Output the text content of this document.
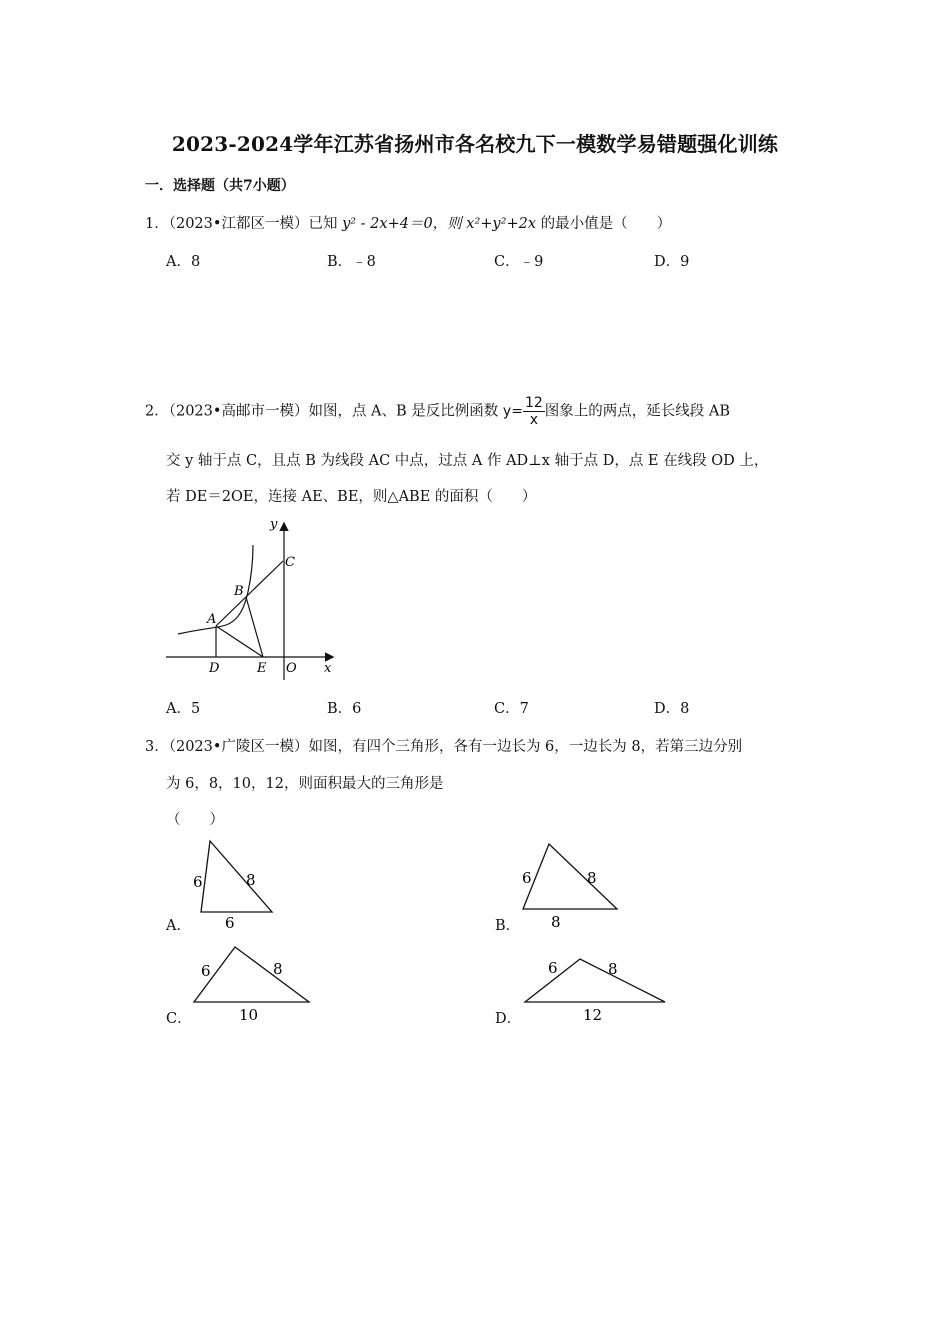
2023-2024学年江苏省扬州市各名校九下一模数学易错题强化训练
一．选择题（共7小题）
1．（2023•江都区一模）已知 y² - 2x+4＝0，则 x²+y²+2x 的最小值是（　　）
A．8	B．﹣8	C．﹣9	D．9
2．（2023•高邮市一模）如图，点 A、B 是反比例函数 $y= \frac{12}{x}$ 图象上的两点，延长线段 AB
交 y 轴于点 C，且点 B 为线段 AC 中点，过点 A 作 AD⊥x 轴于点 D，点 E 在线段 OD 上，
若 DE＝2OE，连接 AE、BE，则△ABE 的面积（　　）
y
x
C
B
A
D	E O
A．5	B．6	C．7	D．8
3．（2023•广陵区一模）如图，有四个三角形，各有一边长为 6，一边长为 8，若第三边分别
为 6，8，10，12，则面积最大的三角形是
（　　）
A．
6	8
6	B．
6	8
8
C．
6	8
10	D．
6	8
12
